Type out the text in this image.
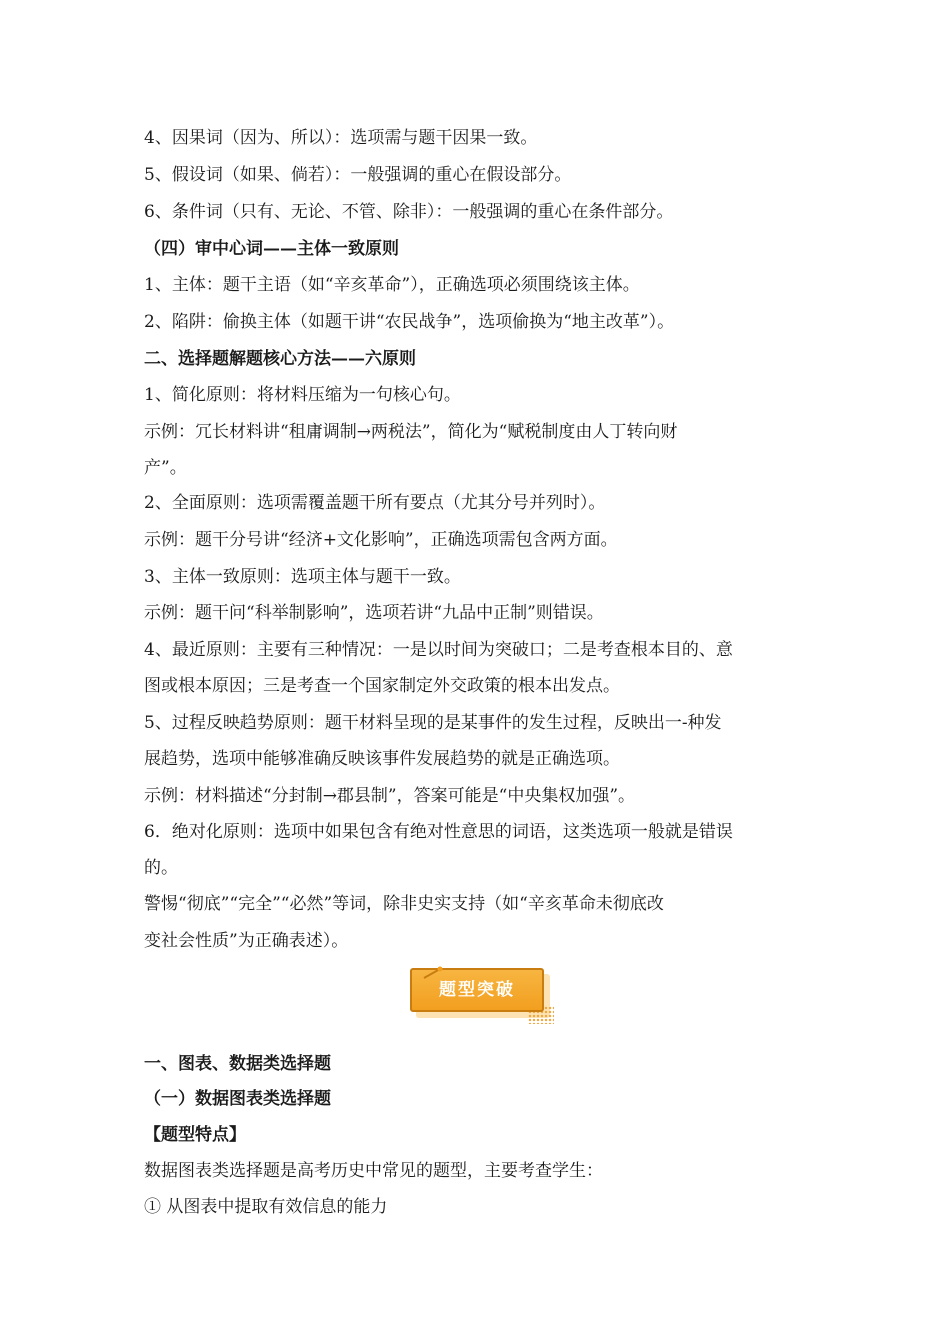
4、因果词（因为、所以）：选项需与题干因果一致。
5、假设词（如果、倘若）：一般强调的重心在假设部分。
6、条件词（只有、无论、不管、除非）：一般强调的重心在条件部分。
（四）审中心词——主体一致原则
1、主体：题干主语（如“辛亥革命”），正确选项必须围绕该主体。
2、陷阱：偷换主体（如题干讲“农民战争”，选项偷换为“地主改革”）。
二、选择题解题核心方法——六原则
1、简化原则：将材料压缩为一句核心句。
示例：冗长材料讲“租庸调制→两税法”，简化为“赋税制度由人丁转向财
产”。
2、全面原则：选项需覆盖题干所有要点（尤其分号并列时）。
示例：题干分号讲“经济+文化影响”，正确选项需包含两方面。
3、主体一致原则：选项主体与题干一致。
示例：题干问“科举制影响”，选项若讲“九品中正制”则错误。
4、最近原则：主要有三种情况：一是以时间为突破口；二是考查根本目的、意
图或根本原因；三是考查一个国家制定外交政策的根本出发点。
5、过程反映趋势原则：题干材料呈现的是某事件的发生过程，反映出一-种发
展趋势，选项中能够准确反映该事件发展趋势的就是正确选项。
示例：材料描述“分封制→郡县制”，答案可能是“中央集权加强”。
6．绝对化原则：选项中如果包含有绝对性意思的词语，这类选项一般就是错误
的。
警惕“彻底”“完全”“必然”等词，除非史实支持（如“辛亥革命未彻底改
变社会性质”为正确表述）。
题型突破
一、图表、数据类选择题
（一）数据图表类选择题
【题型特点】
数据图表类选择题是高考历史中常见的题型，主要考查学生：
① 从图表中提取有效信息的能力
